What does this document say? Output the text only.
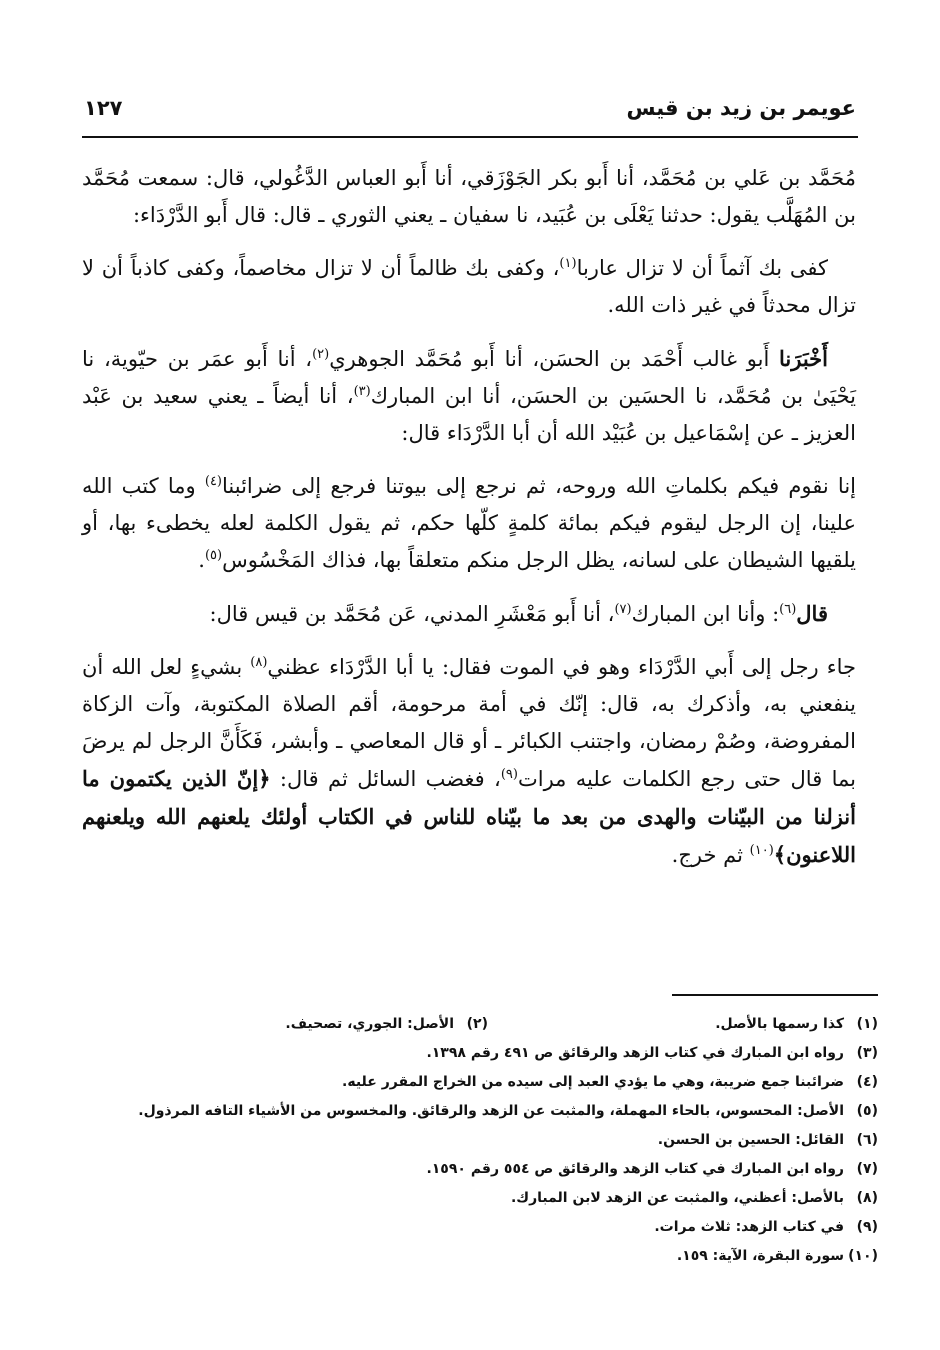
عويمر بن زيد بن قيس
١٢٧

مُحَمَّد بن عَلي بن مُحَمَّد، أنا أَبو بكر الجَوْزَقي، أنا أَبو العباس الدَّغُولي، قال: سمعت مُحَمَّد بن المُهَلَّب يقول: حدثنا يَعْلَى بن عُبَيد، نا سفيان ـ يعني الثوري ـ قال: قال أَبو الدَّرْدَاء:

كفى بك آثماً أن لا تزال عاربا$^{(١)}$، وكفى بك ظالماً أن لا تزال مخاصماً، وكفى كاذباً أن لا تزال محدثاً في غير ذات الله.

أَخْبَرَنا أَبو غالب أَحْمَد بن الحسَن، أنا أَبو مُحَمَّد الجوهري$^{(٢)}$، أنا أَبو عمَر بن حيّوية، نا يَحْيَىٰ بن مُحَمَّد، نا الحسَين بن الحسَن، أنا ابن المبارك$^{(٣)}$، أنا أيضاً ـ يعني سعيد بن عَبْد العزيز ـ عن إسْمَاعيل بن عُبَيْد الله أن أبا الدَّرْدَاء قال:

إنا نقوم فيكم بكلماتِ الله وروحه، ثم نرجع إلى بيوتنا فرجع إلى ضرائبنا$^{(٤)}$ وما كتب الله علينا، إن الرجل ليقوم فيكم بمائة كلمةٍ كلّها حكم، ثم يقول الكلمة لعله يخطىء بها، أو يلقيها الشيطان على لسانه، يظل الرجل منكم متعلقاً بها، فذاك المَخْسُوس$^{(٥)}$.

قال$^{(٦)}$: وأنا ابن المبارك$^{(٧)}$، أنا أَبو مَعْشَرِ المدني، عَن مُحَمَّد بن قيس قال:

جاء رجل إلى أَبي الدَّرْدَاء وهو في الموت فقال: يا أبا الدَّرْدَاء عظني$^{(٨)}$ بشيءٍ لعل الله أن ينفعني به، وأذكرك به، قال: إنّك في أمة مرحومة، أقم الصلاة المكتوبة، وآت الزكاة المفروضة، وصُمْ رمضان، واجتنب الكبائر ـ أو قال المعاصي ـ وأبشر، فَكَأَنَّ الرجل لم يرضَ بما قال حتى رجع الكلمات عليه مرات$^{(٩)}$، فغضب السائل ثم قال: ﴿إنّ الذين يكتمون ما أنزلنا من البيّنات والهدى من بعد ما بيّناه للناس في الكتاب أولئك يلعنهم الله ويلعنهم اللاعنون﴾$^{(١٠)}$ ثم خرج.

(١)كذا رسمها بالأصل.
(٢)الأصل: الجوري، تصحيف.
(٣)رواه ابن المبارك في كتاب الزهد والرقائق ص ٤٩١ رقم ١٣٩٨.
(٤)ضرائبنا جمع ضريبة، وهي ما يؤدي العبد إلى سيده من الخراج المقرر عليه.
(٥)الأصل: المحسوس، بالحاء المهملة، والمثبت عن الزهد والرقائق. والمخسوس من الأشياء التافه المرذول.
(٦)القائل: الحسين بن الحسن.
(٧)رواه ابن المبارك في كتاب الزهد والرقائق ص ٥٥٤ رقم ١٥٩٠.
(٨)بالأصل: أعظني، والمثبت عن الزهد لابن المبارك.
(٩)في كتاب الزهد: ثلاث مرات.
(١٠)سورة البقرة، الآية: ١٥٩.
